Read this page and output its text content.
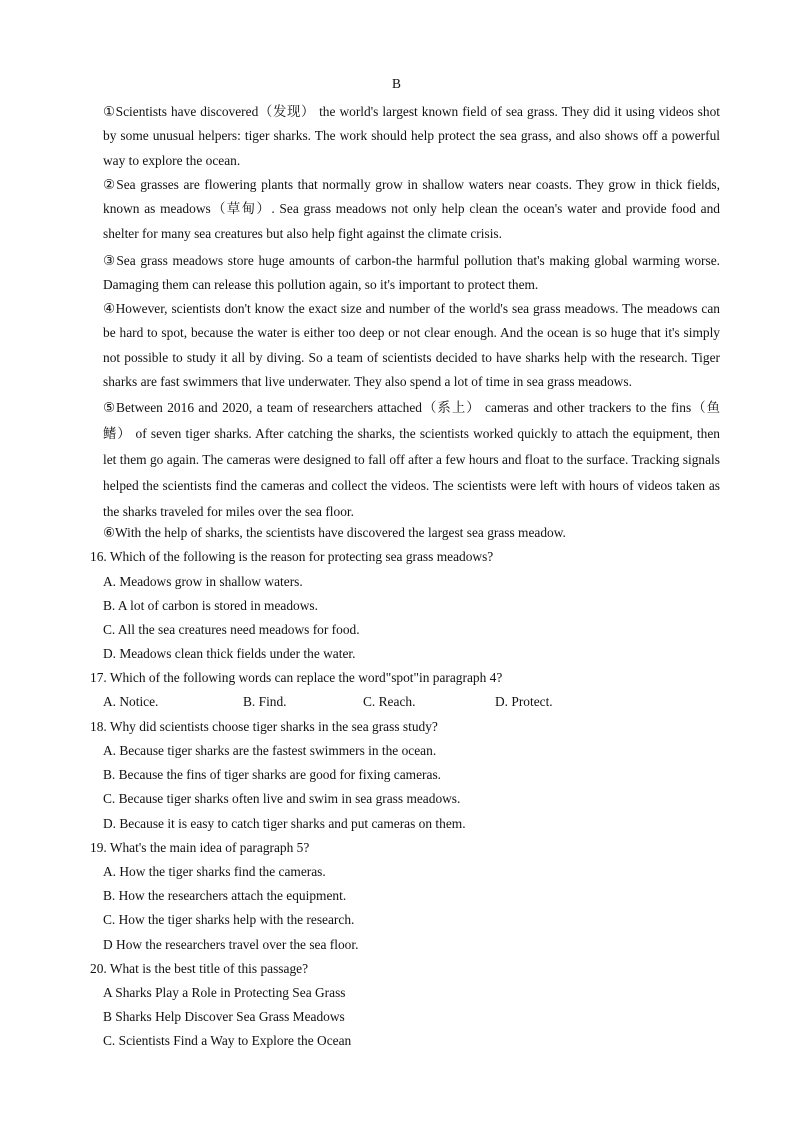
B
①Scientists have discovered（发现） the world's largest known field of sea grass. They did it using videos shot by some unusual helpers: tiger sharks. The work should help protect the sea grass, and also shows off a powerful way to explore the ocean.
②Sea grasses are flowering plants that normally grow in shallow waters near coasts. They grow in thick fields, known as meadows（草甸）. Sea grass meadows not only help clean the ocean's water and provide food and shelter for many sea creatures but also help fight against the climate crisis.
③Sea grass meadows store huge amounts of carbon-the harmful pollution that's making global warming worse. Damaging them can release this pollution again, so it's important to protect them.
④However, scientists don't know the exact size and number of the world's sea grass meadows. The meadows can be hard to spot, because the water is either too deep or not clear enough. And the ocean is so huge that it's simply not possible to study it all by diving. So a team of scientists decided to have sharks help with the research. Tiger sharks are fast swimmers that live underwater. They also spend a lot of time in sea grass meadows.
⑤Between 2016 and 2020, a team of researchers attached（系上） cameras and other trackers to the fins（鱼鳍） of seven tiger sharks. After catching the sharks, the scientists worked quickly to attach the equipment, then let them go again. The cameras were designed to fall off after a few hours and float to the surface. Tracking signals helped the scientists find the cameras and collect the videos. The scientists were left with hours of videos taken as the sharks traveled for miles over the sea floor.
⑥With the help of sharks, the scientists have discovered the largest sea grass meadow.
16. Which of the following is the reason for protecting sea grass meadows?
A. Meadows grow in shallow waters.
B. A lot of carbon is stored in meadows.
C. All the sea creatures need meadows for food.
D. Meadows clean thick fields under the water.
17. Which of the following words can replace the word"spot"in paragraph 4?
A. Notice.	B. Find.	C. Reach.	D. Protect.
18. Why did scientists choose tiger sharks in the sea grass study?
A. Because tiger sharks are the fastest swimmers in the ocean.
B. Because the fins of tiger sharks are good for fixing cameras.
C. Because tiger sharks often live and swim in sea grass meadows.
D. Because it is easy to catch tiger sharks and put cameras on them.
19. What's the main idea of paragraph 5?
A. How the tiger sharks find the cameras.
B. How the researchers attach the equipment.
C. How the tiger sharks help with the research.
D How the researchers travel over the sea floor.
20. What is the best title of this passage?
A Sharks Play a Role in Protecting Sea Grass
B Sharks Help Discover Sea Grass Meadows
C. Scientists Find a Way to Explore the Ocean
